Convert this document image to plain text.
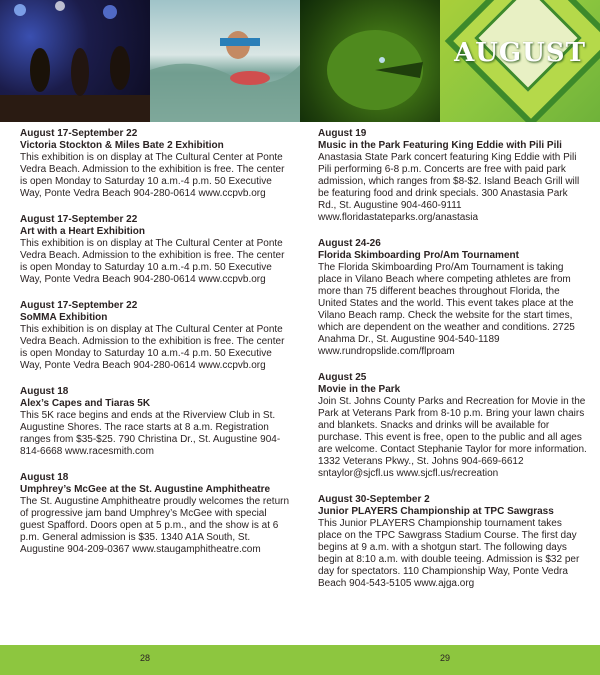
AUGUST
August 17-September 22
Victoria Stockton & Miles Bate 2 Exhibition
This exhibition is on display at The Cultural Center at Ponte Vedra Beach. Admission to the exhibition is free. The center is open Monday to Saturday 10 a.m.-4 p.m. 50 Executive Way, Ponte Vedra Beach 904-280-0614 www.ccpvb.org
August 17-September 22
Art with a Heart Exhibition
This exhibition is on display at The Cultural Center at Ponte Vedra Beach. Admission to the exhibition is free. The center is open Monday to Saturday 10 a.m.-4 p.m. 50 Executive Way, Ponte Vedra Beach 904-280-0614 www.ccpvb.org
August 17-September 22
SoMMA Exhibition
This exhibition is on display at The Cultural Center at Ponte Vedra Beach. Admission to the exhibition is free. The center is open Monday to Saturday 10 a.m.-4 p.m. 50 Executive Way, Ponte Vedra Beach 904-280-0614 www.ccpvb.org
August 18
Alex’s Capes and Tiaras 5K
This 5K race begins and ends at the Riverview Club in St. Augustine Shores. The race starts at 8 a.m. Registration ranges from $35-$25. 790 Christina Dr., St. Augustine 904-814-6668 www.racesmith.com
August 18
Umphrey’s McGee at the St. Augustine Amphitheatre
The St. Augustine Amphitheatre proudly welcomes the return of progressive jam band Umphrey’s McGee with special guest Spafford. Doors open at 5 p.m., and the show is at 6 p.m. General admission is $35. 1340 A1A South, St. Augustine 904-209-0367 www.staugamphitheatre.com
August 19
Music in the Park Featuring King Eddie with Pili Pili
Anastasia State Park concert featuring King Eddie with Pili Pili performing 6-8 p.m. Concerts are free with paid park admission, which ranges from $8-$2. Island Beach Grill will be featuring food and drink specials. 300 Anastasia Park Rd., St. Augustine 904-460-9111 www.floridastateparks.org/anastasia
August 24-26
Florida Skimboarding Pro/Am Tournament
The Florida Skimboarding Pro/Am Tournament is taking place in Vilano Beach where competing athletes are from more than 75 different beaches throughout Florida, the United States and the world. This event takes place at the Vilano Beach ramp. Check the website for the start times, which are dependent on the weather and conditions. 2725 Anahma Dr., St. Augustine 904-540-1189 www.rundropslide.com/flproam
August 25
Movie in the Park
Join St. Johns County Parks and Recreation for Movie in the Park at Veterans Park from 8-10 p.m. Bring your lawn chairs and blankets. Snacks and drinks will be available for purchase. This event is free, open to the public and all ages are welcome. Contact Stephanie Taylor for more information. 1332 Veterans Pkwy., St. Johns 904-669-6612 sntaylor@sjcfl.us www.sjcfl.us/recreation
August 30-September 2
Junior PLAYERS Championship at TPC Sawgrass
This Junior PLAYERS Championship tournament takes place on the TPC Sawgrass Stadium Course. The first day begins at 9 a.m. with a shotgun start. The following days begin at 8:10 a.m. with double teeing. Admission is $32 per day for spectators. 110 Championship Way, Ponte Vedra Beach 904-543-5105 www.ajga.org
28	29
